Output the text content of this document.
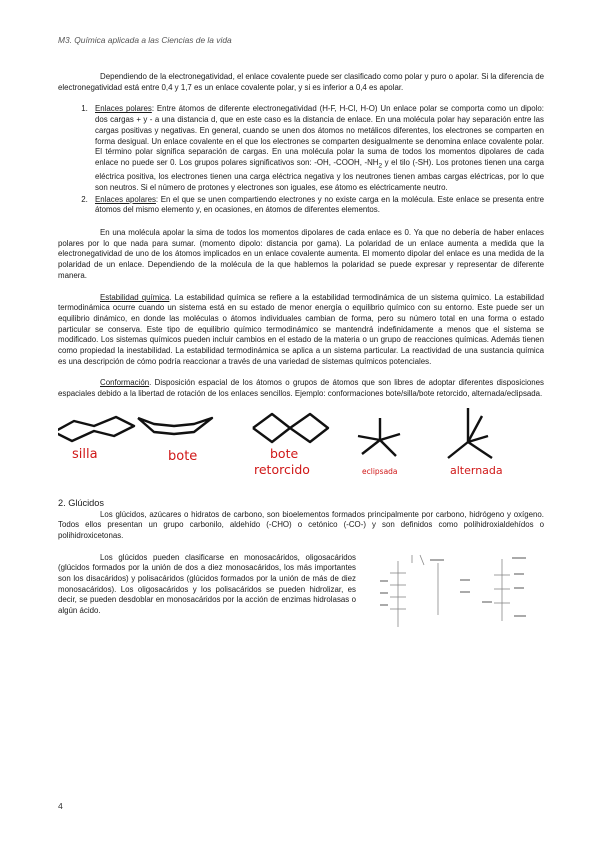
M3. Química aplicada a las Ciencias de la vida

Dependiendo de la electronegatividad, el enlace covalente puede ser clasificado como polar y puro o apolar. Si la diferencia de electronegatividad está entre 0,4 y 1,7 es un enlace covalente polar, y si es inferior a 0,4 es apolar.

1. Enlaces polares: Entre átomos de diferente electronegatividad (H-F, H-Cl, H-O) Un enlace polar se comporta como un dipolo: dos cargas + y - a una distancia d, que en este caso es la distancia de enlace. En una molécula polar hay separación entre las cargas positivas y negativas. En general, cuando se unen dos átomos no metálicos diferentes, los electrones se comparten en forma desigual. Un enlace covalente en el que los electrones se comparten desigualmente se denomina enlace covalente polar. El término polar significa separación de cargas. En una molécula polar la suma de todos los momentos dipolares de cada enlace no puede ser 0. Los grupos polares significativos son: -OH, -COOH, $-NH_2$ y el tilo (-SH). Los protones tienen una carga eléctrica positiva, los electrones tienen una carga eléctrica negativa y los neutrones tienen ambas cargas eléctricas, por lo que son neutros. Si el número de protones y electrones son iguales, ese átomo es eléctricamente neutro.
2. Enlaces apolares: En el que se unen compartiendo electrones y no existe carga en la molécula. Este enlace se presenta entre átomos del mismo elemento y, en ocasiones, en átomos de diferentes elementos.

En una molécula apolar la sima de todos los momentos dipolares de cada enlace es 0. Ya que no debería de haber enlaces polares por lo que nada para sumar. (momento dipolo: distancia por gama). La polaridad de un enlace aumenta a medida que la electronegatividad de uno de los átomos implicados en un enlace covalente aumenta. El momento dipolar del enlace es una medida de la polaridad de un enlace. Dependiendo de la molécula de la que hablemos la polaridad se puede expresar y representar de diferente manera.

Estabilidad química. La estabilidad química se refiere a la estabilidad termodinámica de un sistema químico. La estabilidad termodinámica ocurre cuando un sistema está en su estado de menor energía o equilibrio químico con su entorno. Este puede ser un equilibrio dinámico, en donde las moléculas o átomos individuales cambian de forma, pero su número total en una forma o estado particular se conserva. Este tipo de equilibrio químico termodinámico se mantendrá indefinidamente a menos que el sistema se modificado. Los sistemas químicos pueden incluir cambios en el estado de la materia o un grupo de reacciones químicas. Además tienen como propiedad la inestabilidad. La estabilidad termodinámica se aplica a un sistema particular. La reactividad de una sustancia química es una descripción de cómo podría reaccionar a través de una variedad de sistemas químicos potenciales.

Conformación. Disposición espacial de los átomos o grupos de átomos que son libres de adoptar diferentes disposiciones espaciales debido a la libertad de rotación de los enlaces sencillos. Ejemplo: conformaciones bote/silla/bote retorcido, alternada/eclipsada.

silla	bote	bote
retorcido	eclipsada	alternada
2. Glúcidos

Los glúcidos, azúcares o hidratos de carbono, son bioelementos formados principalmente por carbono, hidrógeno y oxígeno. Todos ellos presentan un grupo carbonilo, aldehído (-CHO) o cetónico (-CO-) y son definidos como polihidroxialdehídos o polihidroxicetonas.

Los glúcidos pueden clasificarse en monosacáridos, oligosacáridos (glúcidos formados por la unión de dos a diez monosacáridos, los más importantes son los disacáridos) y polisacáridos (glúcidos formados por la unión de más de diez monosacáridos). Los oligosacáridos y los polisacáridos se pueden hidrolizar, es decir, se pueden desdoblar en monosacáridos por la acción de enzimas hidrolasas o algún ácido.

4
